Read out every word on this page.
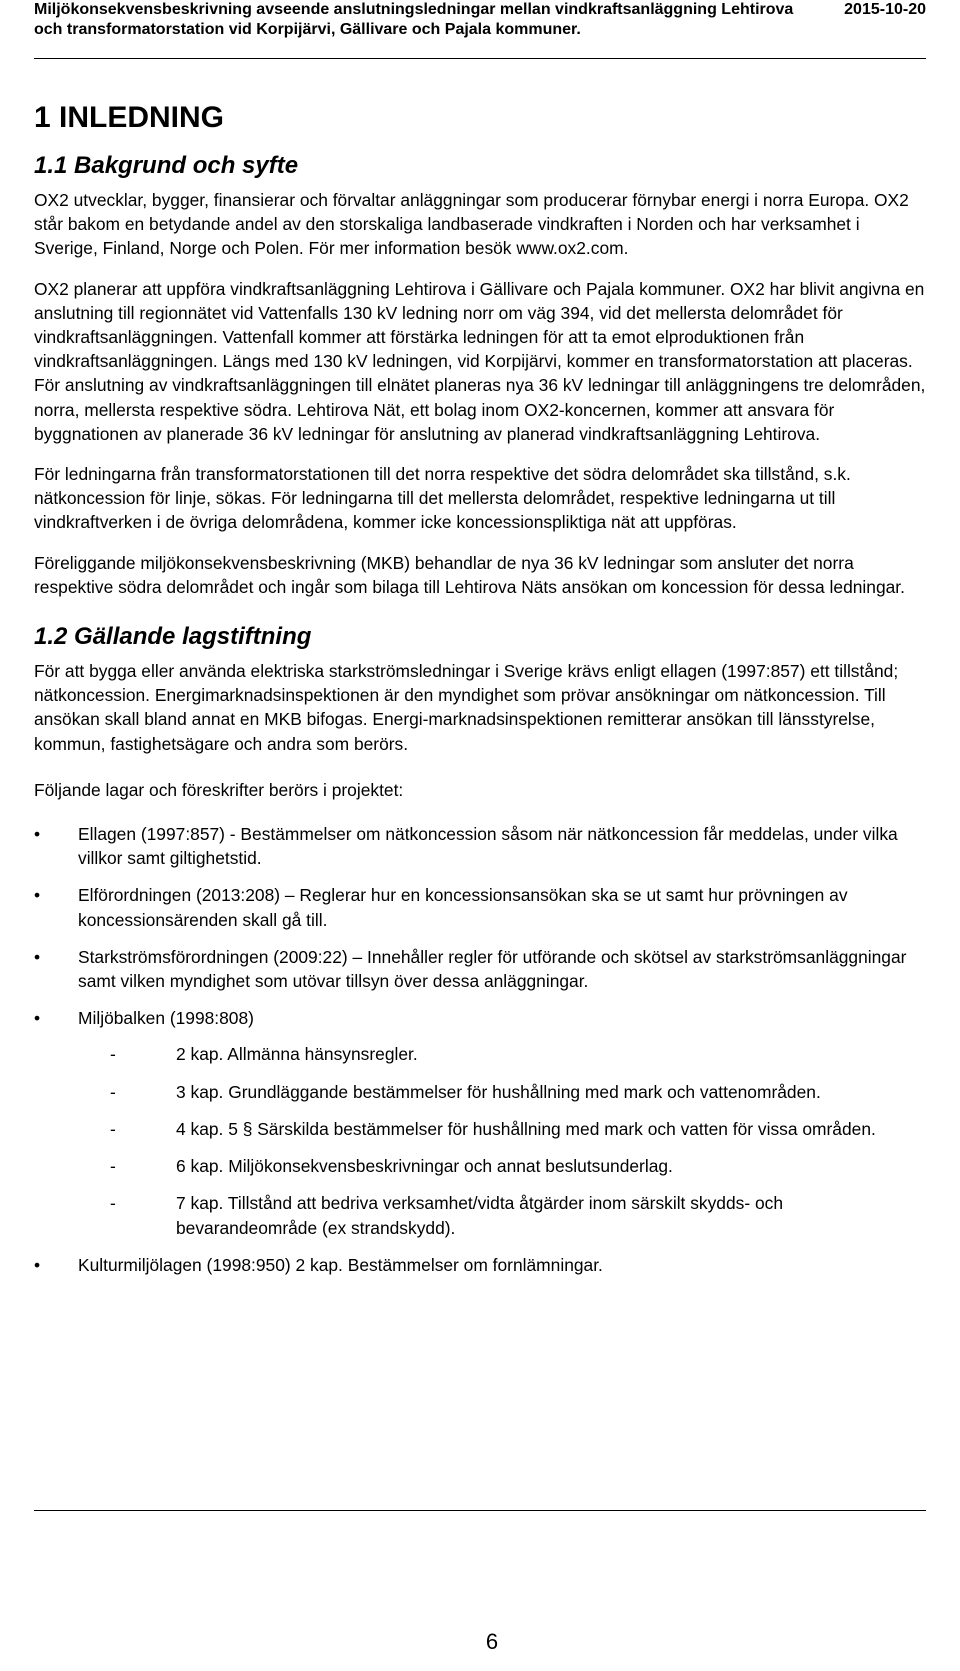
Miljökonsekvensbeskrivning avseende anslutningsledningar mellan vindkraftsanläggning Lehtirova och transformatorstation vid Korpijärvi, Gällivare och Pajala kommuner.
2015-10-20
1 INLEDNING
1.1 Bakgrund och syfte

OX2 utvecklar, bygger, finansierar och förvaltar anläggningar som producerar förnybar energi i norra Europa. OX2 står bakom en betydande andel av den storskaliga landbaserade vindkraften i Norden och har verksamhet i Sverige, Finland, Norge och Polen. För mer information besök www.ox2.com.

OX2 planerar att uppföra vindkraftsanläggning Lehtirova i Gällivare och Pajala kommuner. OX2 har blivit angivna en anslutning till regionnätet vid Vattenfalls 130 kV ledning norr om väg 394, vid det mellersta delområdet för vindkraftsanläggningen. Vattenfall kommer att förstärka ledningen för att ta emot elproduktionen från vindkraftsanläggningen. Längs med 130 kV ledningen, vid Korpijärvi, kommer en transformatorstation att placeras. För anslutning av vindkraftsanläggningen till elnätet planeras nya 36 kV ledningar till anläggningens tre delområden, norra, mellersta respektive södra. Lehtirova Nät, ett bolag inom OX2-koncernen, kommer att ansvara för byggnationen av planerade 36 kV ledningar för anslutning av planerad vindkraftsanläggning Lehtirova.

För ledningarna från transformatorstationen till det norra respektive det södra delområdet ska tillstånd, s.k. nätkoncession för linje, sökas. För ledningarna till det mellersta delområdet, respektive ledningarna ut till vindkraftverken i de övriga delområdena, kommer icke koncessionspliktiga nät att uppföras.

Föreliggande miljökonsekvensbeskrivning (MKB) behandlar de nya 36 kV ledningar som ansluter det norra respektive södra delområdet och ingår som bilaga till Lehtirova Näts ansökan om koncession för dessa ledningar.

1.2 Gällande lagstiftning

För att bygga eller använda elektriska starkströmsledningar i Sverige krävs enligt ellagen (1997:857) ett tillstånd; nätkoncession. Energimarknadsinspektionen är den myndighet som prövar ansökningar om nätkoncession. Till ansökan skall bland annat en MKB bifogas. Energi-marknadsinspektionen remitterar ansökan till länsstyrelse, kommun, fastighetsägare och andra som berörs.

Följande lagar och föreskrifter berörs i projektet:

•	Ellagen (1997:857) - Bestämmelser om nätkoncession såsom när nätkoncession får meddelas, under vilka villkor samt giltighetstid.
•	Elförordningen (2013:208) – Reglerar hur en koncessionsansökan ska se ut samt hur prövningen av koncessionsärenden skall gå till.
•	Starkströmsförordningen (2009:22) – Innehåller regler för utförande och skötsel av starkströmsanläggningar samt vilken myndighet som utövar tillsyn över dessa anläggningar.
•	Miljöbalken (1998:808)
-	2 kap. Allmänna hänsynsregler.
-	3 kap. Grundläggande bestämmelser för hushållning med mark och vattenområden.
-	4 kap. 5 § Särskilda bestämmelser för hushållning med mark och vatten för vissa områden.
-	6 kap. Miljökonsekvensbeskrivningar och annat beslutsunderlag.
-	7 kap. Tillstånd att bedriva verksamhet/vidta åtgärder inom särskilt skydds- och bevarandeområde (ex strandskydd).
•	Kulturmiljölagen (1998:950) 2 kap. Bestämmelser om fornlämningar.
6
